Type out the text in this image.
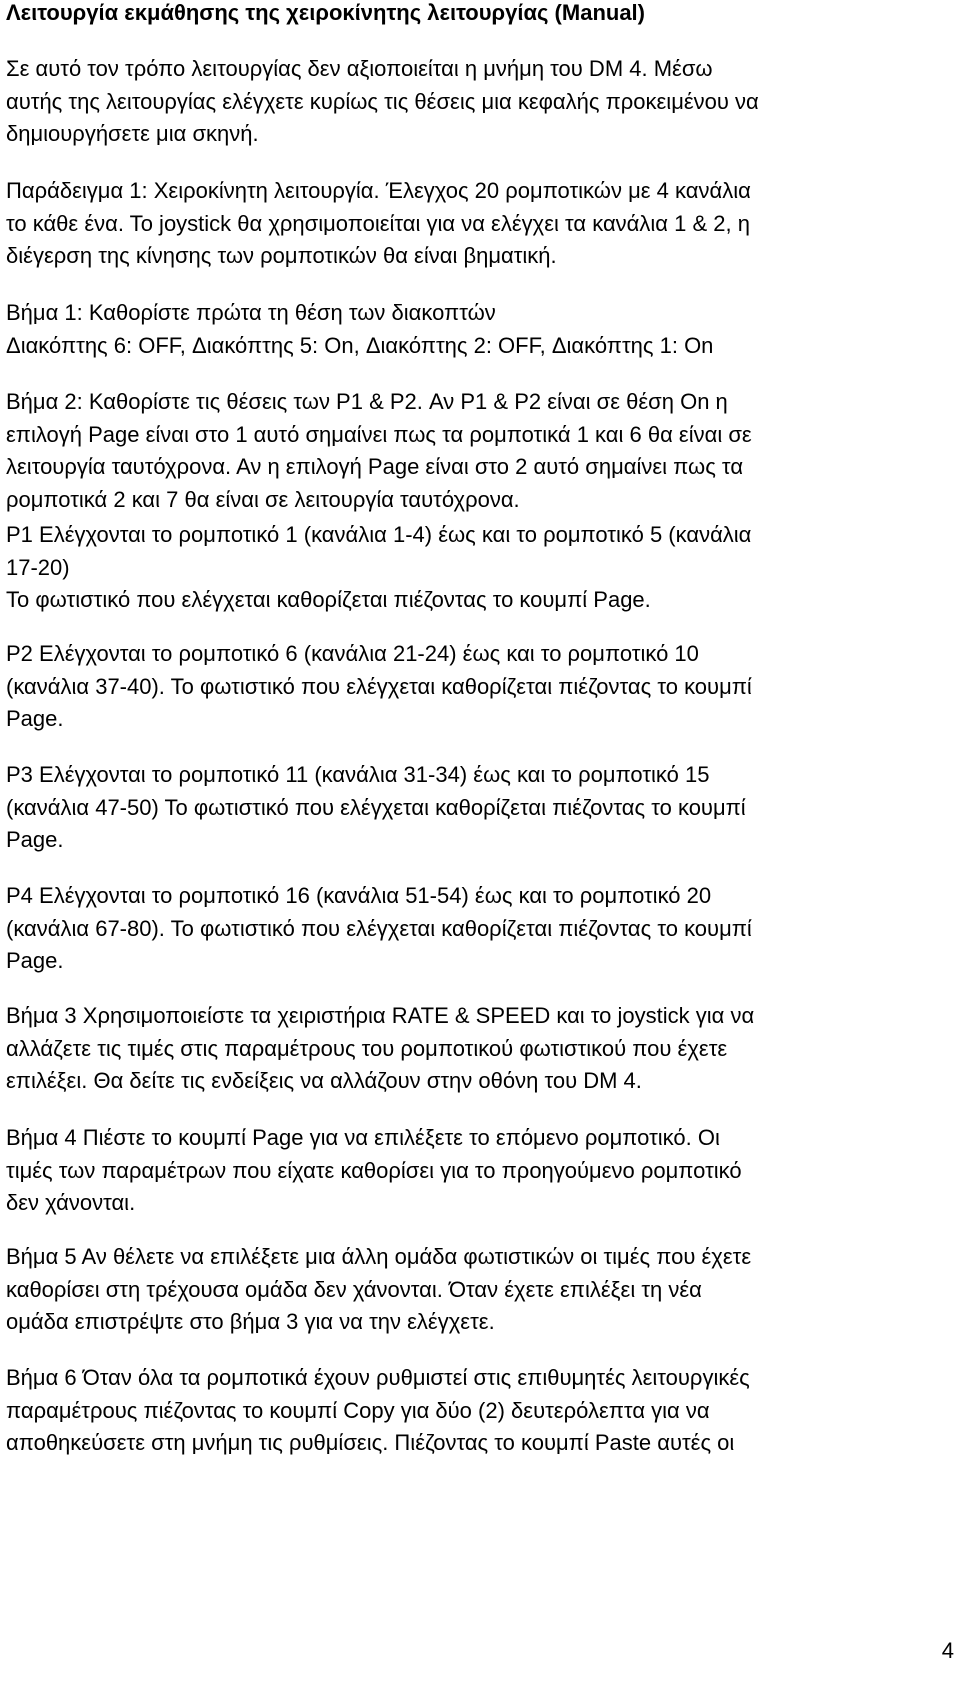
Λειτουργία εκμάθησης της χειροκίνητης λειτουργίας (Manual)

Σε αυτό τον τρόπο λειτουργίας δεν αξιοποιείται η μνήμη του DM 4. Μέσω
αυτής της λειτουργίας ελέγχετε κυρίως τις θέσεις μια κεφαλής προκειμένου να
δημιουργήσετε μια σκηνή.

Παράδειγμα 1: Χειροκίνητη λειτουργία. Έλεγχος 20 ρομποτικών με 4 κανάλια
το κάθε ένα. Το joystick θα χρησιμοποιείται για να ελέγχει τα κανάλια 1 & 2, η
διέγερση της κίνησης των ρομποτικών θα είναι βηματική.

Βήμα 1: Καθορίστε πρώτα τη θέση των διακοπτών
Διακόπτης 6: OFF, Διακόπτης 5: On, Διακόπτης 2: OFF, Διακόπτης 1: On

Βήμα 2: Καθορίστε τις θέσεις των P1 & P2. Αν P1 & P2 είναι σε θέση On η
επιλογή Page είναι στο 1 αυτό σημαίνει πως τα ρομποτικά 1 και 6 θα είναι σε
λειτουργία ταυτόχρονα. Αν η επιλογή Page είναι στο 2 αυτό σημαίνει πως τα
ρομποτικά 2 και 7 θα είναι σε λειτουργία ταυτόχρονα.

P1 Ελέγχονται το ρομποτικό 1 (κανάλια 1-4) έως και το ρομποτικό 5 (κανάλια
17-20)
Το φωτιστικό που ελέγχεται καθορίζεται πιέζοντας το κουμπί Page.

P2 Ελέγχονται το ρομποτικό 6 (κανάλια 21-24) έως και το ρομποτικό 10
(κανάλια 37-40). Το φωτιστικό που ελέγχεται καθορίζεται πιέζοντας το κουμπί
Page.

P3 Ελέγχονται το ρομποτικό 11 (κανάλια 31-34) έως και το ρομποτικό 15
(κανάλια 47-50) Το φωτιστικό που ελέγχεται καθορίζεται πιέζοντας το κουμπί
Page.

P4 Ελέγχονται το ρομποτικό 16 (κανάλια 51-54) έως και το ρομποτικό 20
(κανάλια 67-80). Το φωτιστικό που ελέγχεται καθορίζεται πιέζοντας το κουμπί
Page.

Βήμα 3 Χρησιμοποιείστε τα χειριστήρια RATE & SPEED και το joystick για να
αλλάζετε τις τιμές στις παραμέτρους του ρομποτικού φωτιστικού που έχετε
επιλέξει. Θα δείτε τις ενδείξεις να αλλάζουν στην οθόνη του DM 4.

Βήμα 4 Πιέστε το κουμπί Page για να επιλέξετε το επόμενο ρομποτικό. Οι
τιμές των παραμέτρων που είχατε καθορίσει για το προηγούμενο ρομποτικό
δεν χάνονται.

Βήμα 5 Αν θέλετε να επιλέξετε μια άλλη ομάδα φωτιστικών οι τιμές που έχετε
καθορίσει στη τρέχουσα ομάδα δεν χάνονται. Όταν έχετε επιλέξει τη νέα
ομάδα επιστρέψτε στο βήμα 3 για να την ελέγχετε.

Βήμα 6 Όταν όλα τα ρομποτικά έχουν ρυθμιστεί στις επιθυμητές λειτουργικές
παραμέτρους πιέζοντας το κουμπί Copy για δύο (2) δευτερόλεπτα για να
αποθηκεύσετε στη μνήμη τις ρυθμίσεις. Πιέζοντας το κουμπί Paste αυτές οι

4
